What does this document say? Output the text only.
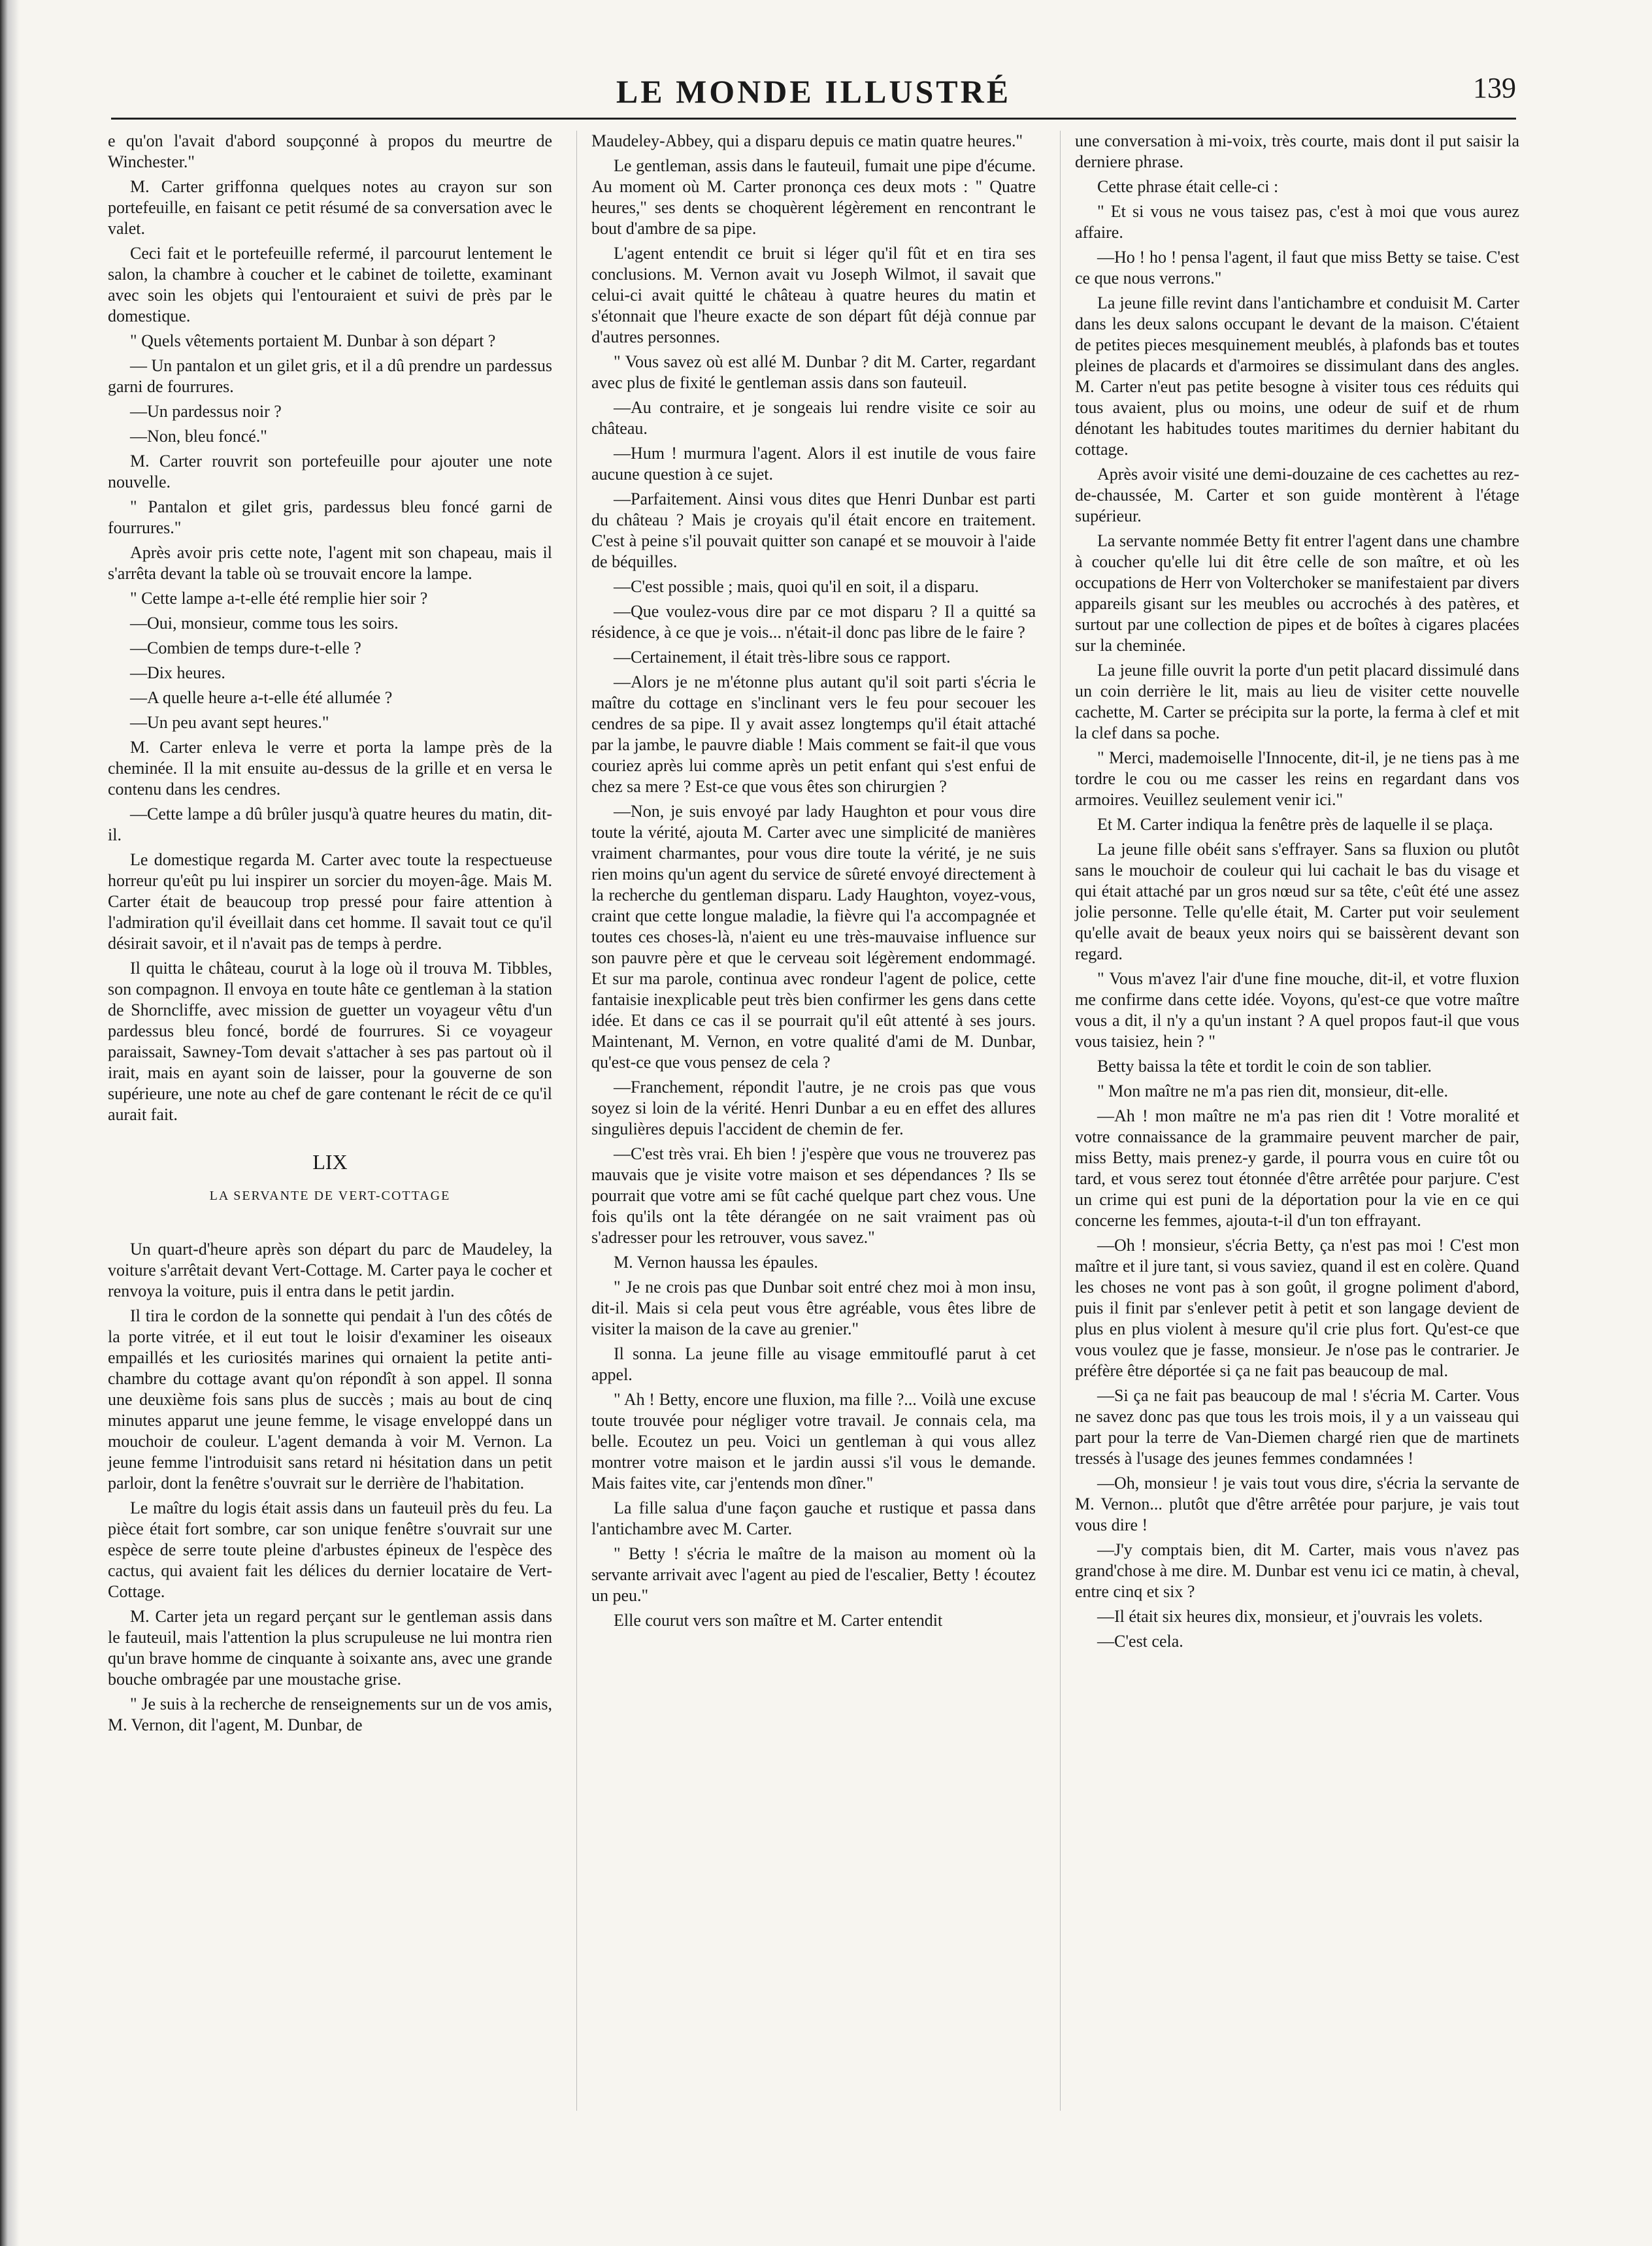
LE MONDE ILLUSTRÉ	139

e qu'on l'avait d'abord soupçonné à propos du meurtre de Winchester."

M. Carter griffonna quelques notes au crayon sur son portefeuille, en faisant ce petit résumé de sa conversation avec le valet.

Ceci fait et le portefeuille refermé, il parcourut lentement le salon, la chambre à coucher et le cabinet de toilette, examinant avec soin les objets qui l'entouraient et suivi de près par le domestique.

" Quels vêtements portaient M. Dunbar à son départ ?

— Un pantalon et un gilet gris, et il a dû prendre un pardessus garni de fourrures.

—Un pardessus noir ?

—Non, bleu foncé."

M. Carter rouvrit son portefeuille pour ajouter une note nouvelle.

" Pantalon et gilet gris, pardessus bleu foncé garni de fourrures."

Après avoir pris cette note, l'agent mit son chapeau, mais il s'arrêta devant la table où se trouvait encore la lampe.

" Cette lampe a-t-elle été remplie hier soir ?

—Oui, monsieur, comme tous les soirs.

—Combien de temps dure-t-elle ?

—Dix heures.

—A quelle heure a-t-elle été allumée ?

—Un peu avant sept heures."

M. Carter enleva le verre et porta la lampe près de la cheminée. Il la mit ensuite au-dessus de la grille et en versa le contenu dans les cendres.

—Cette lampe a dû brûler jusqu'à quatre heures du matin, dit-il.

Le domestique regarda M. Carter avec toute la respectueuse horreur qu'eût pu lui inspirer un sorcier du moyen-âge. Mais M. Carter était de beaucoup trop pressé pour faire attention à l'admiration qu'il éveillait dans cet homme. Il savait tout ce qu'il désirait savoir, et il n'avait pas de temps à perdre.

Il quitta le château, courut à la loge où il trouva M. Tibbles, son compagnon. Il envoya en toute hâte ce gentleman à la station de Shorncliffe, avec mission de guetter un voyageur vêtu d'un pardessus bleu foncé, bordé de fourrures. Si ce voyageur paraissait, Sawney-Tom devait s'attacher à ses pas partout où il irait, mais en ayant soin de laisser, pour la gouverne de son supérieure, une note au chef de gare contenant le récit de ce qu'il aurait fait.

LIX
LA SERVANTE DE VERT-COTTAGE

Un quart-d'heure après son départ du parc de Maudeley, la voiture s'arrêtait devant Vert-Cottage. M. Carter paya le cocher et renvoya la voiture, puis il entra dans le petit jardin.

Il tira le cordon de la sonnette qui pendait à l'un des côtés de la porte vitrée, et il eut tout le loisir d'examiner les oiseaux empaillés et les curiosités marines qui ornaient la petite anti-chambre du cottage avant qu'on répondît à son appel. Il sonna une deuxième fois sans plus de succès ; mais au bout de cinq minutes apparut une jeune femme, le visage enveloppé dans un mouchoir de couleur. L'agent demanda à voir M. Vernon. La jeune femme l'introduisit sans retard ni hésitation dans un petit parloir, dont la fenêtre s'ouvrait sur le derrière de l'habitation.

Le maître du logis était assis dans un fauteuil près du feu. La pièce était fort sombre, car son unique fenêtre s'ouvrait sur une espèce de serre toute pleine d'arbustes épineux de l'espèce des cactus, qui avaient fait les délices du dernier locataire de Vert-Cottage.

M. Carter jeta un regard perçant sur le gentleman assis dans le fauteuil, mais l'attention la plus scrupuleuse ne lui montra rien qu'un brave homme de cinquante à soixante ans, avec une grande bouche ombragée par une moustache grise.

" Je suis à la recherche de renseignements sur un de vos amis, M. Vernon, dit l'agent, M. Dunbar, de

Maudeley-Abbey, qui a disparu depuis ce matin quatre heures."

Le gentleman, assis dans le fauteuil, fumait une pipe d'écume. Au moment où M. Carter prononça ces deux mots : " Quatre heures," ses dents se choquèrent légèrement en rencontrant le bout d'ambre de sa pipe.

L'agent entendit ce bruit si léger qu'il fût et en tira ses conclusions. M. Vernon avait vu Joseph Wilmot, il savait que celui-ci avait quitté le château à quatre heures du matin et s'étonnait que l'heure exacte de son départ fût déjà connue par d'autres personnes.

" Vous savez où est allé M. Dunbar ? dit M. Carter, regardant avec plus de fixité le gentleman assis dans son fauteuil.

—Au contraire, et je songeais lui rendre visite ce soir au château.

—Hum ! murmura l'agent. Alors il est inutile de vous faire aucune question à ce sujet.

—Parfaitement. Ainsi vous dites que Henri Dunbar est parti du château ? Mais je croyais qu'il était encore en traitement. C'est à peine s'il pouvait quitter son canapé et se mouvoir à l'aide de béquilles.

—C'est possible ; mais, quoi qu'il en soit, il a disparu.

—Que voulez-vous dire par ce mot disparu ? Il a quitté sa résidence, à ce que je vois... n'était-il donc pas libre de le faire ?

—Certainement, il était très-libre sous ce rapport.

—Alors je ne m'étonne plus autant qu'il soit parti s'écria le maître du cottage en s'inclinant vers le feu pour secouer les cendres de sa pipe. Il y avait assez longtemps qu'il était attaché par la jambe, le pauvre diable ! Mais comment se fait-il que vous couriez après lui comme après un petit enfant qui s'est enfui de chez sa mere ? Est-ce que vous êtes son chirurgien ?

—Non, je suis envoyé par lady Haughton et pour vous dire toute la vérité, ajouta M. Carter avec une simplicité de manières vraiment charmantes, pour vous dire toute la vérité, je ne suis rien moins qu'un agent du service de sûreté envoyé directement à la recherche du gentleman disparu. Lady Haughton, voyez-vous, craint que cette longue maladie, la fièvre qui l'a accompagnée et toutes ces choses-là, n'aient eu une très-mauvaise influence sur son pauvre père et que le cerveau soit légèrement endommagé. Et sur ma parole, continua avec rondeur l'agent de police, cette fantaisie inexplicable peut très bien confirmer les gens dans cette idée. Et dans ce cas il se pourrait qu'il eût attenté à ses jours. Maintenant, M. Vernon, en votre qualité d'ami de M. Dunbar, qu'est-ce que vous pensez de cela ?

—Franchement, répondit l'autre, je ne crois pas que vous soyez si loin de la vérité. Henri Dunbar a eu en effet des allures singulières depuis l'accident de chemin de fer.

—C'est très vrai. Eh bien ! j'espère que vous ne trouverez pas mauvais que je visite votre maison et ses dépendances ? Ils se pourrait que votre ami se fût caché quelque part chez vous. Une fois qu'ils ont la tête dérangée on ne sait vraiment pas où s'adresser pour les retrouver, vous savez."

M. Vernon haussa les épaules.

" Je ne crois pas que Dunbar soit entré chez moi à mon insu, dit-il. Mais si cela peut vous être agréable, vous êtes libre de visiter la maison de la cave au grenier."

Il sonna. La jeune fille au visage emmitouflé parut à cet appel.

" Ah ! Betty, encore une fluxion, ma fille ?... Voilà une excuse toute trouvée pour négliger votre travail. Je connais cela, ma belle. Ecoutez un peu. Voici un gentleman à qui vous allez montrer votre maison et le jardin aussi s'il vous le demande. Mais faites vite, car j'entends mon dîner."

La fille salua d'une façon gauche et rustique et passa dans l'antichambre avec M. Carter.

" Betty ! s'écria le maître de la maison au moment où la servante arrivait avec l'agent au pied de l'escalier, Betty ! écoutez un peu."

Elle courut vers son maître et M. Carter entendit

une conversation à mi-voix, très courte, mais dont il put saisir la derniere phrase.

Cette phrase était celle-ci :

" Et si vous ne vous taisez pas, c'est à moi que vous aurez affaire.

—Ho ! ho ! pensa l'agent, il faut que miss Betty se taise. C'est ce que nous verrons."

La jeune fille revint dans l'antichambre et conduisit M. Carter dans les deux salons occupant le devant de la maison. C'étaient de petites pieces mesquinement meublés, à plafonds bas et toutes pleines de placards et d'armoires se dissimulant dans des angles. M. Carter n'eut pas petite besogne à visiter tous ces réduits qui tous avaient, plus ou moins, une odeur de suif et de rhum dénotant les habitudes toutes maritimes du dernier habitant du cottage.

Après avoir visité une demi-douzaine de ces cachettes au rez-de-chaussée, M. Carter et son guide montèrent à l'étage supérieur.

La servante nommée Betty fit entrer l'agent dans une chambre à coucher qu'elle lui dit être celle de son maître, et où les occupations de Herr von Volterchoker se manifestaient par divers appareils gisant sur les meubles ou accrochés à des patères, et surtout par une collection de pipes et de boîtes à cigares placées sur la cheminée.

La jeune fille ouvrit la porte d'un petit placard dissimulé dans un coin derrière le lit, mais au lieu de visiter cette nouvelle cachette, M. Carter se précipita sur la porte, la ferma à clef et mit la clef dans sa poche.

" Merci, mademoiselle l'Innocente, dit-il, je ne tiens pas à me tordre le cou ou me casser les reins en regardant dans vos armoires. Veuillez seulement venir ici."

Et M. Carter indiqua la fenêtre près de laquelle il se plaça.

La jeune fille obéit sans s'effrayer. Sans sa fluxion ou plutôt sans le mouchoir de couleur qui lui cachait le bas du visage et qui était attaché par un gros nœud sur sa tête, c'eût été une assez jolie personne. Telle qu'elle était, M. Carter put voir seulement qu'elle avait de beaux yeux noirs qui se baissèrent devant son regard.

" Vous m'avez l'air d'une fine mouche, dit-il, et votre fluxion me confirme dans cette idée. Voyons, qu'est-ce que votre maître vous a dit, il n'y a qu'un instant ? A quel propos faut-il que vous vous taisiez, hein ? "

Betty baissa la tête et tordit le coin de son tablier.

" Mon maître ne m'a pas rien dit, monsieur, dit-elle.

—Ah ! mon maître ne m'a pas rien dit ! Votre moralité et votre connaissance de la grammaire peuvent marcher de pair, miss Betty, mais prenez-y garde, il pourra vous en cuire tôt ou tard, et vous serez tout étonnée d'être arrêtée pour parjure. C'est un crime qui est puni de la déportation pour la vie en ce qui concerne les femmes, ajouta-t-il d'un ton effrayant.

—Oh ! monsieur, s'écria Betty, ça n'est pas moi ! C'est mon maître et il jure tant, si vous saviez, quand il est en colère. Quand les choses ne vont pas à son goût, il grogne poliment d'abord, puis il finit par s'enlever petit à petit et son langage devient de plus en plus violent à mesure qu'il crie plus fort. Qu'est-ce que vous voulez que je fasse, monsieur. Je n'ose pas le contrarier. Je préfère être déportée si ça ne fait pas beaucoup de mal.

—Si ça ne fait pas beaucoup de mal ! s'écria M. Carter. Vous ne savez donc pas que tous les trois mois, il y a un vaisseau qui part pour la terre de Van-Diemen chargé rien que de martinets tressés à l'usage des jeunes femmes condamnées !

—Oh, monsieur ! je vais tout vous dire, s'écria la servante de M. Vernon... plutôt que d'être arrêtée pour parjure, je vais tout vous dire !

—J'y comptais bien, dit M. Carter, mais vous n'avez pas grand'chose à me dire. M. Dunbar est venu ici ce matin, à cheval, entre cinq et six ?

—Il était six heures dix, monsieur, et j'ouvrais les volets.

—C'est cela.
